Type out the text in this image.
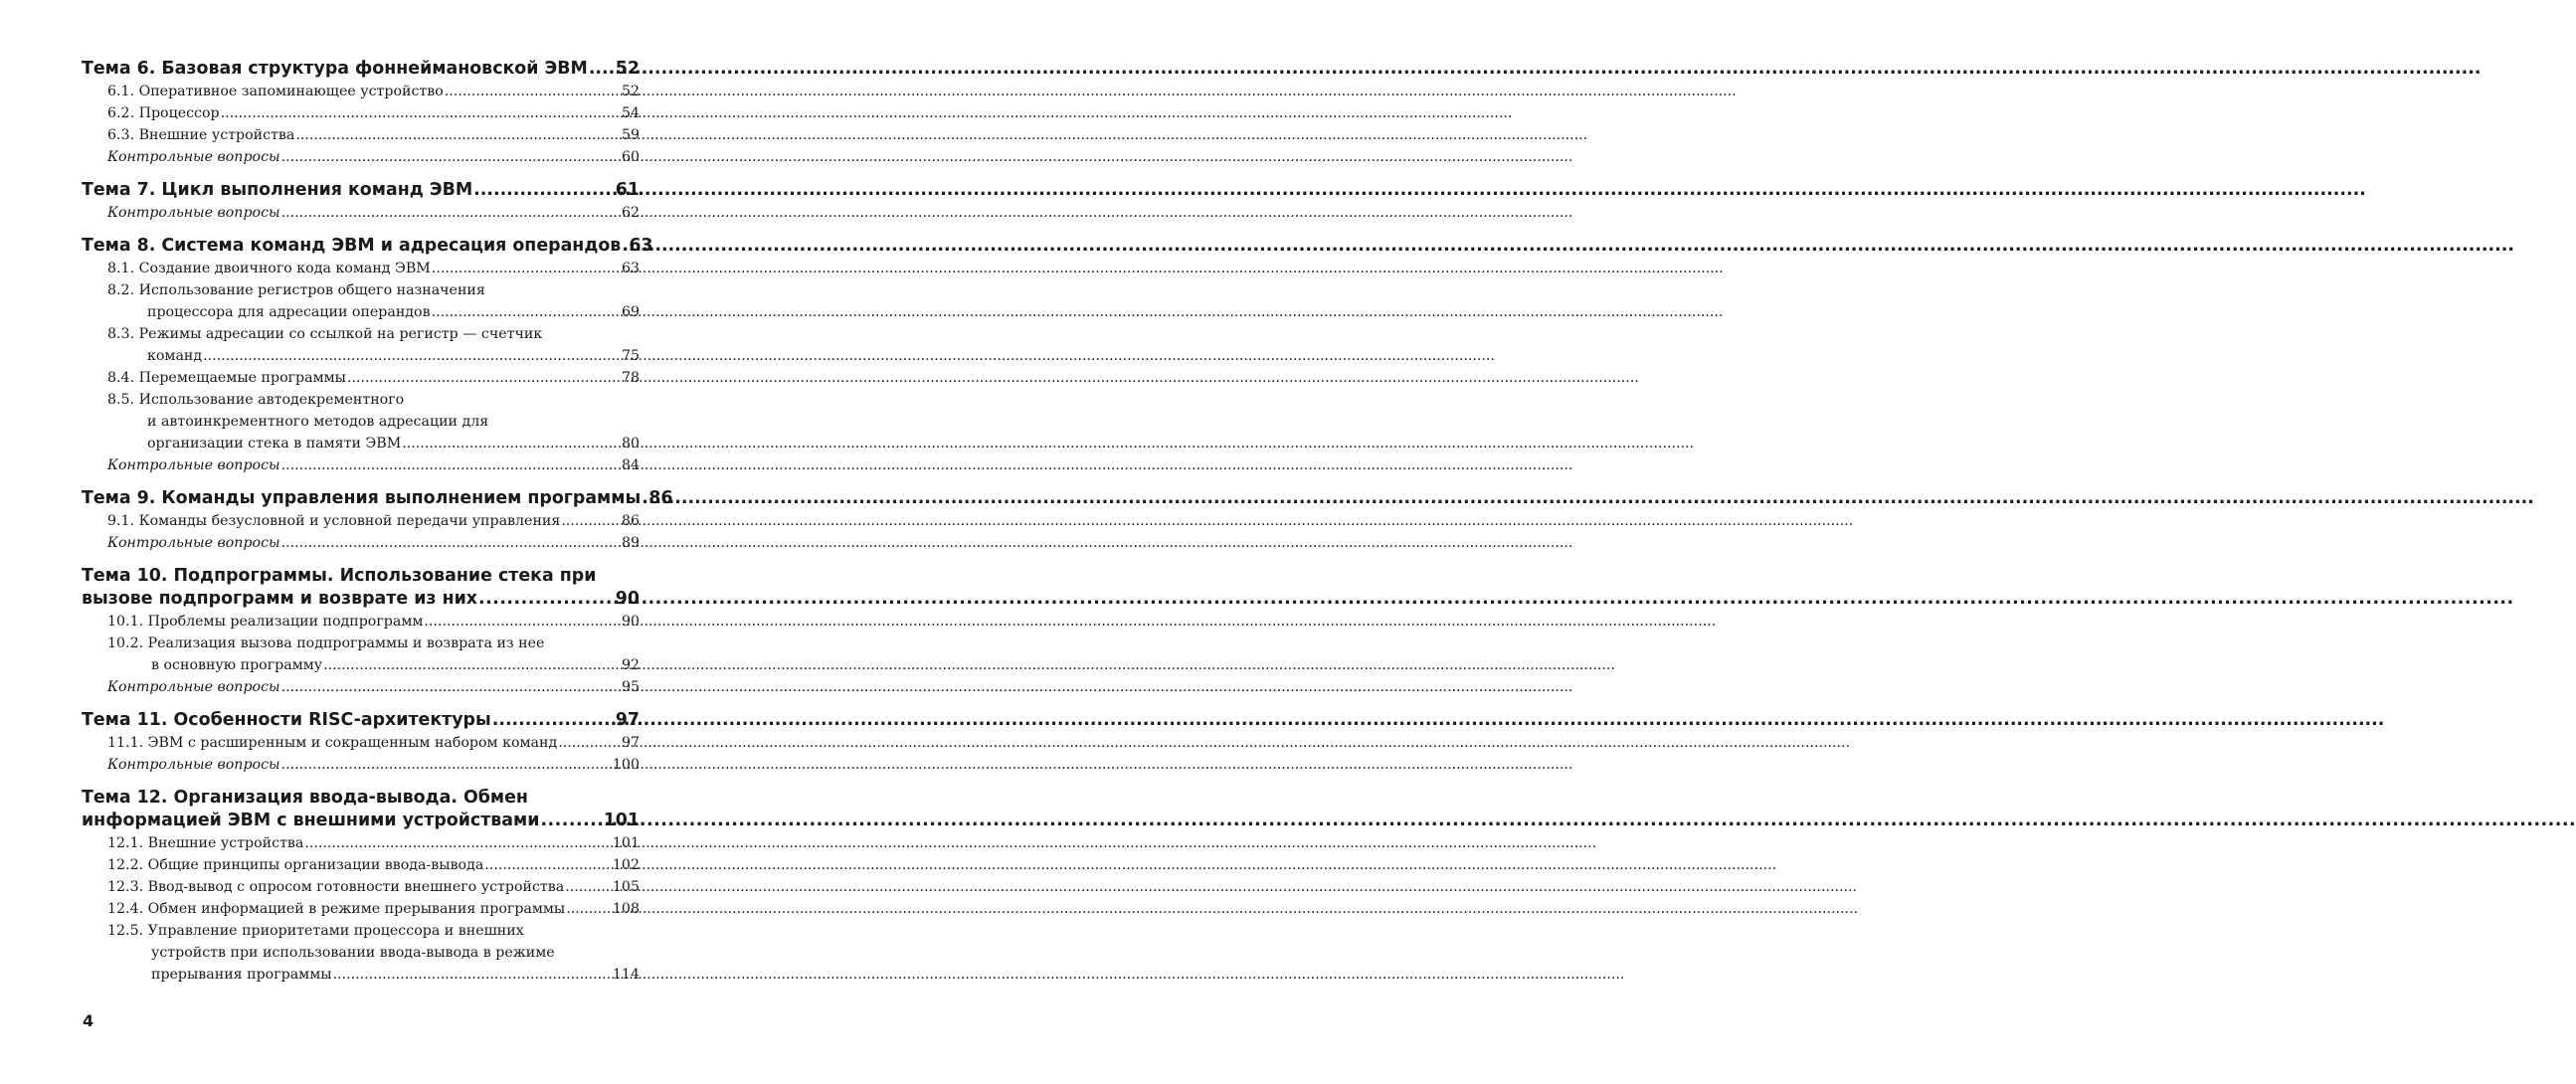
Тема 6. Базовая структура фоннеймановской ЭВМ ..... 52
6.1. Оперативное запоминающее устройство .....	52
6.2. Процессор .....	54
6.3. Внешние устройства .....	59
Контрольные вопросы .....	60
Тема 7. Цикл выполнения команд ЭВМ .....	61
Контрольные вопросы .....	62
Тема 8. Система команд ЭВМ и адресация операндов ..... 63
8.1. Создание двоичного кода команд ЭВМ .....	63
8.2. Использование регистров общего назначения
процессора для адресации операндов .....	69
8.3. Режимы адресации со ссылкой на регистр — счетчик
команд .....	75
8.4. Перемещаемые программы .....	78
8.5. Использование автодекрементного
и автоинкрементного методов адресации для
организации стека в памяти ЭВМ .....	80
Контрольные вопросы .....	84
Тема 9. Команды управления выполнением программы ..... 86
9.1. Команды безусловной и условной передачи управления .....	86
Контрольные вопросы .....	89
Тема 10. Подпрограммы. Использование стека при
вызове подпрограмм и возврате из них .....	90
10.1. Проблемы реализации подпрограмм .....	90
10.2. Реализация вызова подпрограммы и возврата из нее
в основную программу .....	92
Контрольные вопросы .....	95
Тема 11. Особенности RISC-архитектуры .....	97
11.1. ЭВМ с расширенным и сокращенным набором команд .....	97
Контрольные вопросы .....	100
Тема 12. Организация ввода-вывода. Обмен
информацией ЭВМ с внешними устройствами .....	101
12.1. Внешние устройства .....	101
12.2. Общие принципы организации ввода-вывода .....	102
12.3. Ввод-вывод с опросом готовности внешнего устройства .....	105
12.4. Обмен информацией в режиме прерывания программы .....	108
12.5. Управление приоритетами процессора и внешних
устройств при использовании ввода-вывода в режиме
прерывания программы .....	114
4
